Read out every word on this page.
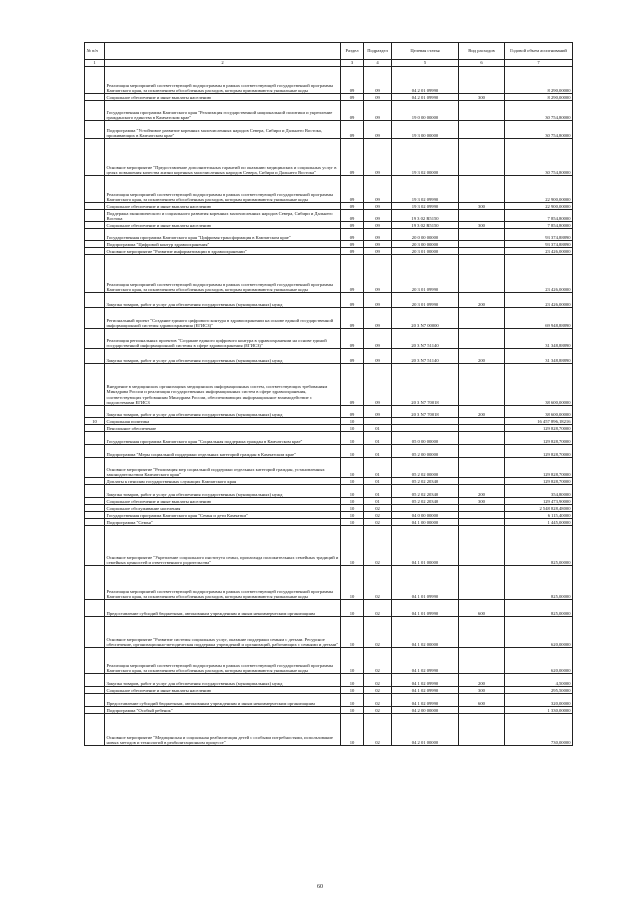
№ п/п		Раздел	Подраздел	Целевая статья	Вид расходов	Годовой объем ассигнований
1	2	3	4	5	6	7
	Реализация мероприятий соответствующей подпрограммы в рамках соответствующей государственной программы Камчатского края, за исключением обособленных расходов, которым присваиваются уникальные коды	09	09	04 2 01 09990		8 290,00000
	Социальное обеспечение и иные выплаты населению	09	09	04 2 01 09990	300	8 290,00000
	Государственная программа Камчатского края "Реализация государственной национальной политики и укрепление гражданского единства в Камчатском крае"	09	09	19 0 00 00000		30 754,80000
	Подпрограмма "Устойчивое развитие коренных малочисленных народов Севера, Сибири и Дальнего Востока, проживающих в Камчатском крае"	09	09	19 3 00 00000		30 754,80000
	Основное мероприятие "Предоставление дополнительных гарантий по оказанию медицинских и социальных услуг в целях повышения качества жизни коренных малочисленных народов Севера, Сибири и Дальнего Востока"	09	09	19 3 02 00000		30 754,80000
	Реализация мероприятий соответствующей подпрограммы в рамках соответствующей государственной программы Камчатского края, за исключением обособленных расходов, которым присваиваются уникальные коды	09	09	19 3 02 09990		22 900,00000
	Социальное обеспечение и иные выплаты населению	09	09	19 3 02 09990	300	22 900,00000
	Поддержка экономического и социального развития коренных малочисленных народов Севера, Сибири и Дальнего Востока	09	09	19 3 02 R5150		7 854,80000
	Социальное обеспечение и иные выплаты населению	09	09	19 3 02 R5150	300	7 854,80000
	Государственная программа Камчатского края "Цифровая трансформация в Камчатском крае"	09	09	20 0 00 00000		93 374,88890
	Подпрограмма "Цифровой контур здравоохранения"	09	09	20 3 00 00000		93 374,88890
	Основное мероприятие "Развитие информатизации в здравоохранении"	09	09	20 3 01 00000		23 426,00000
	Реализация мероприятий соответствующей подпрограммы в рамках соответствующей государственной программы Камчатского края, за исключением обособленных расходов, которым присваиваются уникальные коды	09	09	20 3 01 09990		23 426,00000
	Закупка товаров, работ и услуг для обеспечения государственных (муниципальных) нужд	09	09	20 3 01 09990	200	23 426,00000
	Региональный проект "Создание единого цифрового контура в здравоохранении на основе единой государственной информационной системы здравоохранения (ЕГИСЗ)"	09	09	20 3 N7 00000		69 948,88890
	Реализация региональных проектов "Создание единого цифрового контура в здравоохранении на основе единой государственной информационной системы в сфере здравоохранения (ЕГИСЗ)"	09	09	20 3 N7 51140		31 348,88890
	Закупка товаров, работ и услуг для обеспечения государственных (муниципальных) нужд	09	09	20 3 N7 51140	200	31 348,88890
	Внедрение в медицинских организациях медицинских информационных систем, соответствующих требованиям Минздрава России и реализация государственных информационных систем в сфере здравоохранения, соответствующих требованиям Минздрава России, обеспечивающих информационное взаимодействие с подсистемами ЕГИСЗ	09	09	20 3 N7 70018		38 600,00000
	Закупка товаров, работ и услуг для обеспечения государственных (муниципальных) нужд	09	09	20 3 N7 70018	200	38 600,00000
10	Социальная политика	10				16 457 896,18216
	Пенсионное обеспечение	10	01			129 828,70000
	Государственная программа Камчатского края "Социальная поддержка граждан в Камчатском крае"	10	01	05 0 00 00000		129 828,70000
	Подпрограмма "Меры социальной поддержки отдельных категорий граждан в Камчатском крае"	10	01	05 2 00 00000		129 828,70000
	Основное мероприятие "Реализация мер социальной поддержки отдельных категорий граждан, установленных законодательством Камчатского края"	10	01	05 2 02 00000		129 828,70000
	Доплаты к пенсиям государственных служащих Камчатского края	10	01	05 2 02 20340		129 828,70000
	Закупка товаров, работ и услуг для обеспечения государственных (муниципальных) нужд	10	01	05 2 02 20340	200	354,80000
	Социальное обеспечение и иные выплаты населению	10	01	05 2 02 20340	300	129 473,90000
	Социальное обслуживание населения	10	02			2 548 828,48000
	Государственная программа Камчатского края "Семья и дети Камчатки"	10	02	04 0 00 00000		6 115,40000
	Подпрограмма "Семья"	10	02	04 1 00 00000		1 445,00000
	Основное мероприятие "Укрепление социального института семьи, пропаганда положительных семейных традиций и семейных ценностей и ответственного родительства"	10	02	04 1 01 00000		825,00000
	Реализация мероприятий соответствующей подпрограммы в рамках соответствующей государственной программы Камчатского края, за исключением обособленных расходов, которым присваиваются уникальные коды	10	02	04 1 01 09990		825,00000
	Предоставление субсидий бюджетным, автономным учреждениям и иным некоммерческим организациям	10	02	04 1 01 09990	600	825,00000
	Основное мероприятие "Развитие системы социальных услуг, оказание поддержки семьям с детьми. Ресурсное обеспечение, организационно-методическая поддержка учреждений и организаций, работающих с семьями и детьми"	10	02	04 1 02 00000		620,00000
	Реализация мероприятий соответствующей подпрограммы в рамках соответствующей государственной программы Камчатского края, за исключением обособленных расходов, которым присваиваются уникальные коды	10	02	04 1 02 09990		620,00000
	Закупка товаров, работ и услуг для обеспечения государственных (муниципальных) нужд	10	02	04 1 02 09990	200	4,50000
	Социальное обеспечение и иные выплаты населению	10	02	04 1 02 09990	300	295,50000
	Предоставление субсидий бюджетным, автономным учреждениям и иным некоммерческим организациям	10	02	04 1 02 09990	600	320,00000
	Подпрограмма "Особый ребенок"	10	02	04 2 00 00000		1 330,00000
	Основное мероприятие "Медицинская и социальная реабилитация детей с особыми потребностями, использование новых методов и технологий в реабилитационном процессе"	10	02	04 2 01 00000		730,00000
60
